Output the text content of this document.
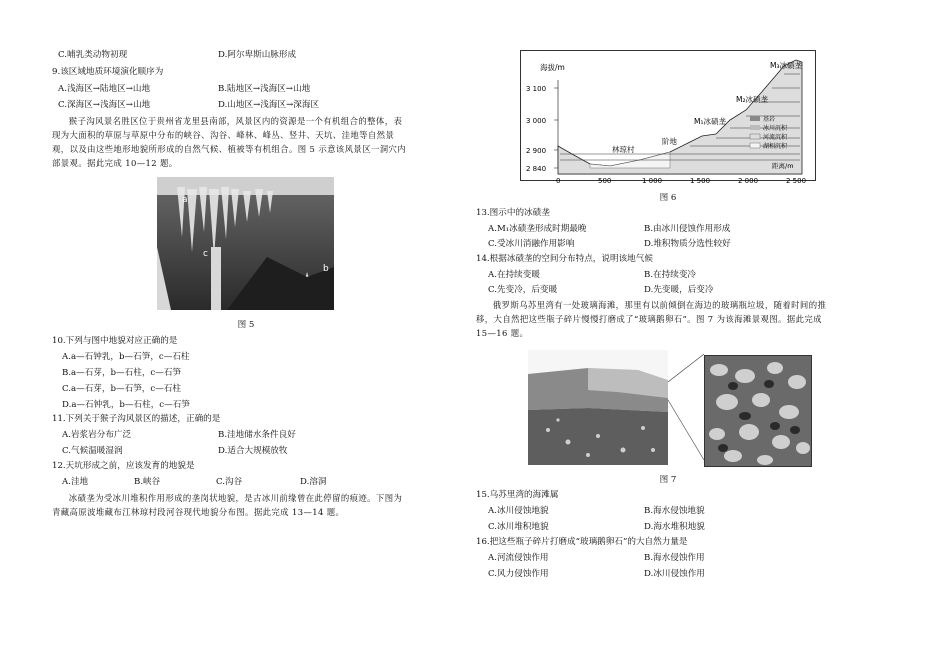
C.哺乳类动物初现	D.阿尔卑斯山脉形成
9.该区域地质环境演化顺序为
A.浅海区→陆地区→山地	B.陆地区→浅海区→山地
C.深海区→浅海区→山地	D.山地区→浅海区→深海区
猴子沟风景名胜区位于贵州省龙里县南部，风景区内的资源是一个有机组合的整体，表
现为大面积的草原与草原中分布的峡谷、沟谷、峰林、峰丛、竖井、天坑、洼地等自然景
观，以及由这些地形地貌所形成的自然气候、植被等有机组合。图 5 示意该风景区一洞穴内
部景观。据此完成 10—12 题。
a
c
b
图 5
10.下列与图中地貌对应正确的是
A.a—石钟乳，b—石笋，c—石柱
B.a—石芽，b—石柱，c—石笋
C.a—石芽，b—石笋，c—石柱
D.a—石钟乳，b—石柱，c—石笋
11.下列关于猴子沟风景区的描述，正确的是
A.岩浆岩分布广泛	B.洼地储水条件良好
C.气候温暖湿润	D.适合大规模放牧
12.天坑形成之前，应该发育的地貌是
A.洼地	B.峡谷	C.沟谷	D.溶洞
冰碛垄为受冰川堆积作用形成的垄岗状地貌，是古冰川前缘曾在此停留的痕迹。下图为
青藏高原波堆藏布江林琼村段河谷现代地貌分布图。据此完成 13—14 题。
海拔/m
3 100
3 000
2 900
2 840
0	500	1 000	1 500	2 000	2 500
M₃冰碛垄
M₂冰碛垄
M₁冰碛垄
阶地
林琼村
基岩
冰川沉积
河流沉积
湖相沉积
距离/m
图 6
13.图示中的冰碛垄
A.M₁冰碛垄形成时期最晚	B.由冰川侵蚀作用形成
C.受冰川消融作用影响	D.堆积物质分选性较好
14.根据冰碛垄的空间分布特点，说明该地气候
A.在持续变暖	B.在持续变冷
C.先变冷，后变暖	D.先变暖，后变冷
俄罗斯乌苏里湾有一处玻璃海滩，那里有以前倾倒在海边的玻璃瓶垃圾，随着时间的推
移，大自然把这些瓶子碎片慢慢打磨成了“玻璃鹅卵石”。图 7 为该海滩景观图。据此完成
15—16 题。
图 7
15.乌苏里湾的海滩属
A.冰川侵蚀地貌	B.海水侵蚀地貌
C.冰川堆积地貌	D.海水堆积地貌
16.把这些瓶子碎片打磨成“玻璃鹅卵石”的大自然力量是
A.河流侵蚀作用	B.海水侵蚀作用
C.风力侵蚀作用	D.冰川侵蚀作用
